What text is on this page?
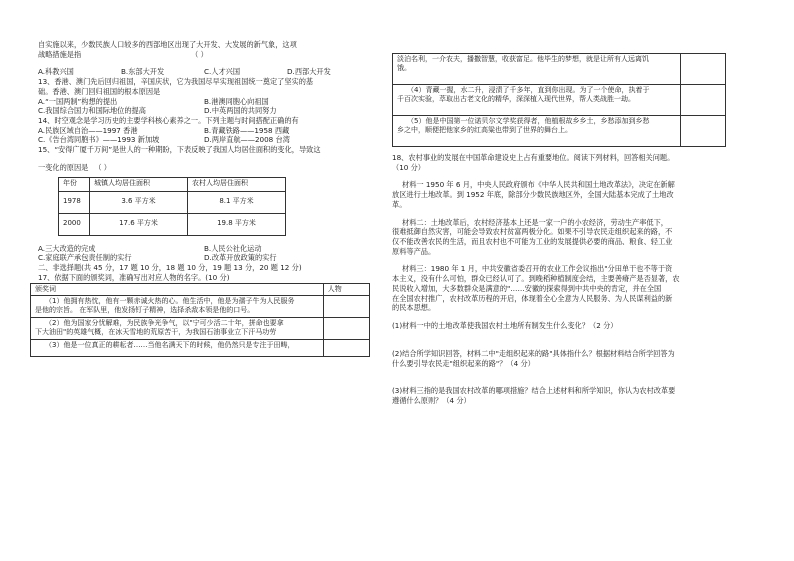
自实施以来，少数民族人口较多的西部地区出现了大开发、大发展的新气象，这项
战略措施是指	（ ）
A.科教兴国	B.东部大开发	C.人才兴国	D.西部大开发
13、香港、澳门先后回归祖国，辛国庆状，它为我国尽早实现祖国统一奠定了坚实的基
础。香港、澳门回归祖国的根本原因是
A.“一国两制”构想的提出	B.港澳同胞心向祖国
C.我国综合国力和国际地位的提高	D.中英两国的共同努力
14、时空观念是学习历史的主要学科核心素养之一。下列主题与时间搭配正确的有
A.民族区域自治——1997 香港	B.青藏铁路——1958 西藏
C.《告台湾同胞书》——1993 新加坡	D.两岸直航——2008 台湾
15、“安得广厦千万间”是世人的一种期盼，下表反映了我国人均居住面积的变化，导致这
一变化的原因是 （ ）
年份	城镇人均居住面积	农村人均居住面积
1978	3.6 平方米	8.1 平方米
2000	17.6 平方米	19.8 平方米
A.三大改造的完成	B.人民公社化运动
C.家庭联产承包责任制的实行	D.改革开放政策的实行
二、非选择题(共 45 分，17 题 10 分，18 题 10 分，19 题 13 分，20 题 12 分)
17、依据下面的颁奖词，准确写出对应人物的名字。(10 分)
颁奖词	人物

（1）他拥有热忱，他有一颗赤诚火热的心。他生活中，他是为孺子牛为人民服务
是他的宗旨。 在军队里，他发扬钉子精神，选择杀敌本领是他的口号。	

（2）他为国家分忧解难，为民族争光争气，以"宁可少活二十年，拼命也要拿
下大油田"的英雄气概，在冰天雪地的荒原苦干，为我国石油事业立下汗马功劳	

（3）他是一位真正的耕耘者……当他名满天下的时候，他仍然只是专注于田畴，	

淡泊名利，一介农夫，播撒智慧，收获富足。他毕生的梦想，就是让所有人远离饥
饿。	

（4）青藏一握，水二升，浸渍了千多年，直到你出现。为了一个使命，执着于
千百次实验，萃取出古老文化的精华，深深植入现代世界，帮人类战胜一劫。	

（5）他是中国第一位诺贝尔文学奖获得者，他植根故乡乡土，乡愁添加到乡愁
乡之中，顺便把他家乡的红高粱也带到了世界的舞台上。	

18、农村事业的发展在中国革命建设史上占有重要地位。阅读下列材料，回答相关问题。
（10 分）
材料一 1950 年 6 月，中央人民政府颁布《中华人民共和国土地改革法》，决定在新解
放区进行土地改革。到 1952 年底，除部分少数民族地区外，全国大陆基本完成了土地改
革。
材料二：土地改革后，农村经济基本上还是一家一户的小农经济，劳动生产率低下，
很难抵御自然灾害，可能会导致农村贫富两极分化。如果不引导农民走组织起来的路，不
仅不能改善农民的生活，而且农村也不可能为工业的发展提供必要的商品、粮食、轻工业
原料等产品。
材料三：1980 年 1 月，中共安徽省委召开的农业工作会议指出"分田单干也不等于资
本主义，没有什么可怕，群众已经认可了。到晚稻种植制度会结，主要善瘠产是否显著，农
民说收入增加，大多数群众是满意的"……安徽的探索得到中共中央的肯定，并在全国
在全国农村推广，农村改革历程的开启，体现着全心全意为人民服务、为人民谋利益的新
的民本思想。
(1)材料一中的土地改革使我国农村土地所有制发生什么变化？（2 分）
(2)结合所学知识回答，材料二中"走组织起来的路"具体指什么？根据材料结合所学回答为
什么要引导农民走"组织起来的路"？（4 分）
(3)材料三指的是我国农村改革的哪项措施？结合上述材料和所学知识，你认为农村改革要
遵循什么原则？（4 分）
